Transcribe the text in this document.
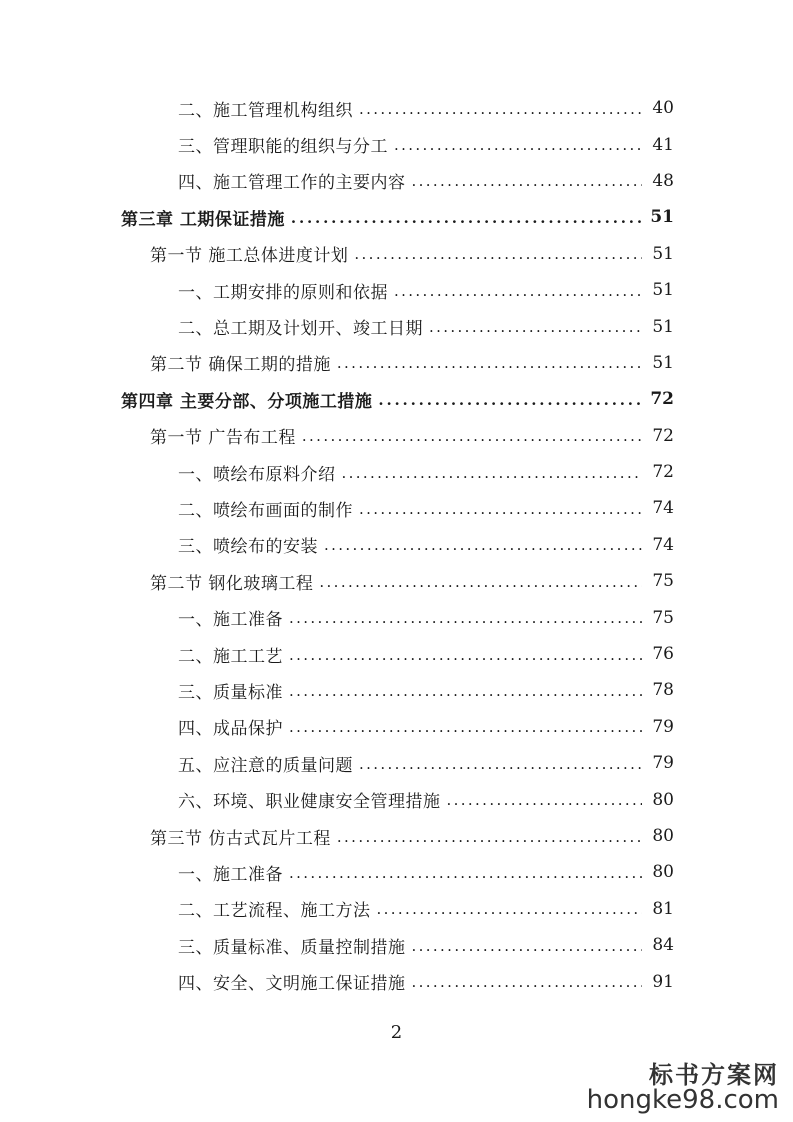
二、施工管理机构组织 . . .	40
三、管理职能的组织与分工 . . .	41
四、施工管理工作的主要内容 . . .	48
第三章 工期保证措施 . . .	51
第一节 施工总体进度计划 . . .	51
一、工期安排的原则和依据 . . .	51
二、总工期及计划开、竣工日期 . . .	51
第二节 确保工期的措施 . . .	51
第四章 主要分部、分项施工措施 . . .	72
第一节 广告布工程 . . .	72
一、喷绘布原料介绍 . . .	72
二、喷绘布画面的制作 . . .	74
三、喷绘布的安装 . . .	74
第二节 钢化玻璃工程 . . .	75
一、施工准备 . . .	75
二、施工工艺 . . .	76
三、质量标准 . . .	78
四、成品保护 . . .	79
五、应注意的质量问题 . . .	79
六、环境、职业健康安全管理措施 . . .	80
第三节 仿古式瓦片工程 . . .	80
一、施工准备 . . .	80
二、工艺流程、施工方法 . . .	81
三、质量标准、质量控制措施 . . .	84
四、安全、文明施工保证措施 . . .	91
2
标书方案网
hongke98.com
